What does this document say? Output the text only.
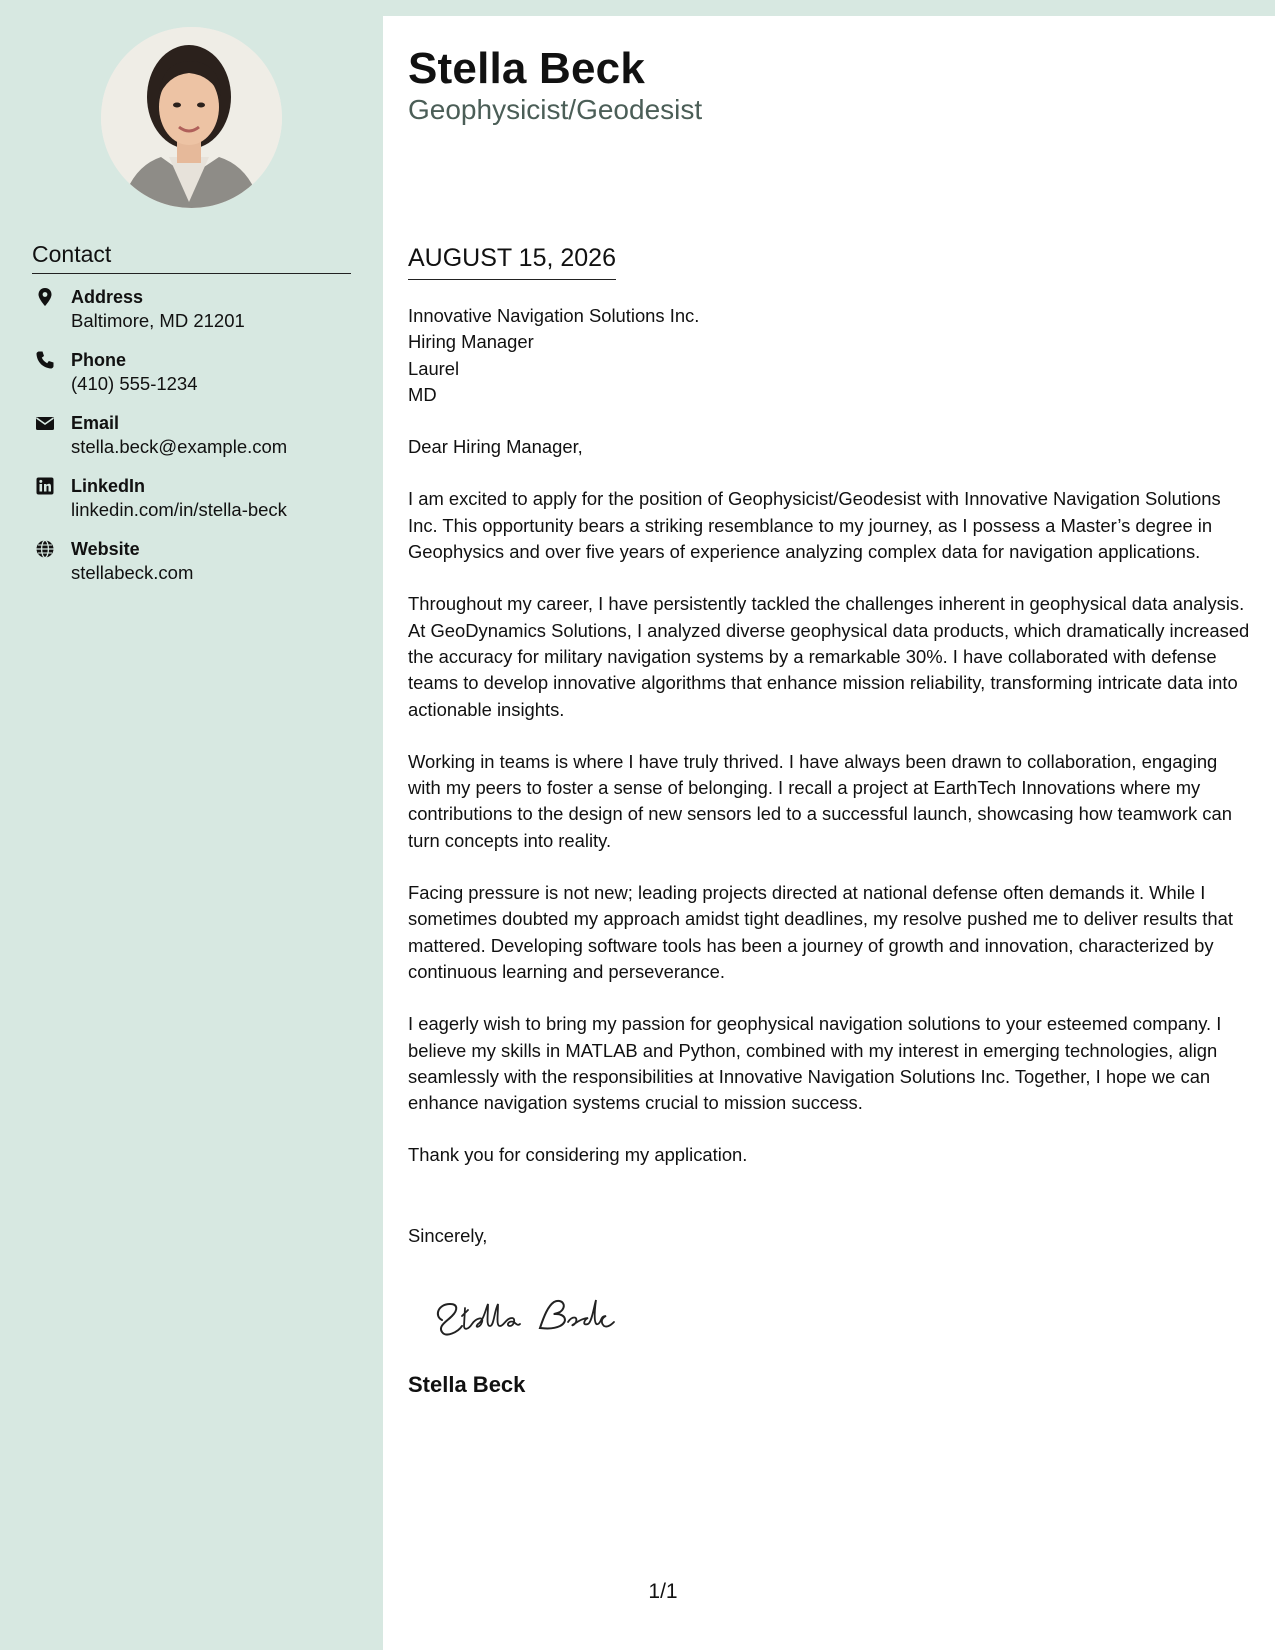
Contact
Address
Baltimore, MD 21201
Phone
(410) 555-1234
Email
stella.beck@example.com
LinkedIn
linkedin.com/in/stella-beck
Website
stellabeck.com
Stella Beck
Geophysicist/Geodesist
AUGUST 15, 2026
Innovative Navigation Solutions Inc.
Hiring Manager
Laurel
MD

Dear Hiring Manager,

I am excited to apply for the position of Geophysicist/Geodesist with Innovative Navigation Solutions Inc. This opportunity bears a striking resemblance to my journey, as I possess a Master’s degree in Geophysics and over five years of experience analyzing complex data for navigation applications.

Throughout my career, I have persistently tackled the challenges inherent in geophysical data analysis. At GeoDynamics Solutions, I analyzed diverse geophysical data products, which dramatically increased the accuracy for military navigation systems by a remarkable 30%. I have collaborated with defense teams to develop innovative algorithms that enhance mission reliability, transforming intricate data into actionable insights.

Working in teams is where I have truly thrived. I have always been drawn to collaboration, engaging with my peers to foster a sense of belonging. I recall a project at EarthTech Innovations where my contributions to the design of new sensors led to a successful launch, showcasing how teamwork can turn concepts into reality.

Facing pressure is not new; leading projects directed at national defense often demands it. While I sometimes doubted my approach amidst tight deadlines, my resolve pushed me to deliver results that mattered. Developing software tools has been a journey of growth and innovation, characterized by continuous learning and perseverance.

I eagerly wish to bring my passion for geophysical navigation solutions to your esteemed company. I believe my skills in MATLAB and Python, combined with my interest in emerging technologies, align seamlessly with the responsibilities at Innovative Navigation Solutions Inc. Together, I hope we can enhance navigation systems crucial to mission success.

Thank you for considering my application.

Sincerely,
Stella Beck
1/1
